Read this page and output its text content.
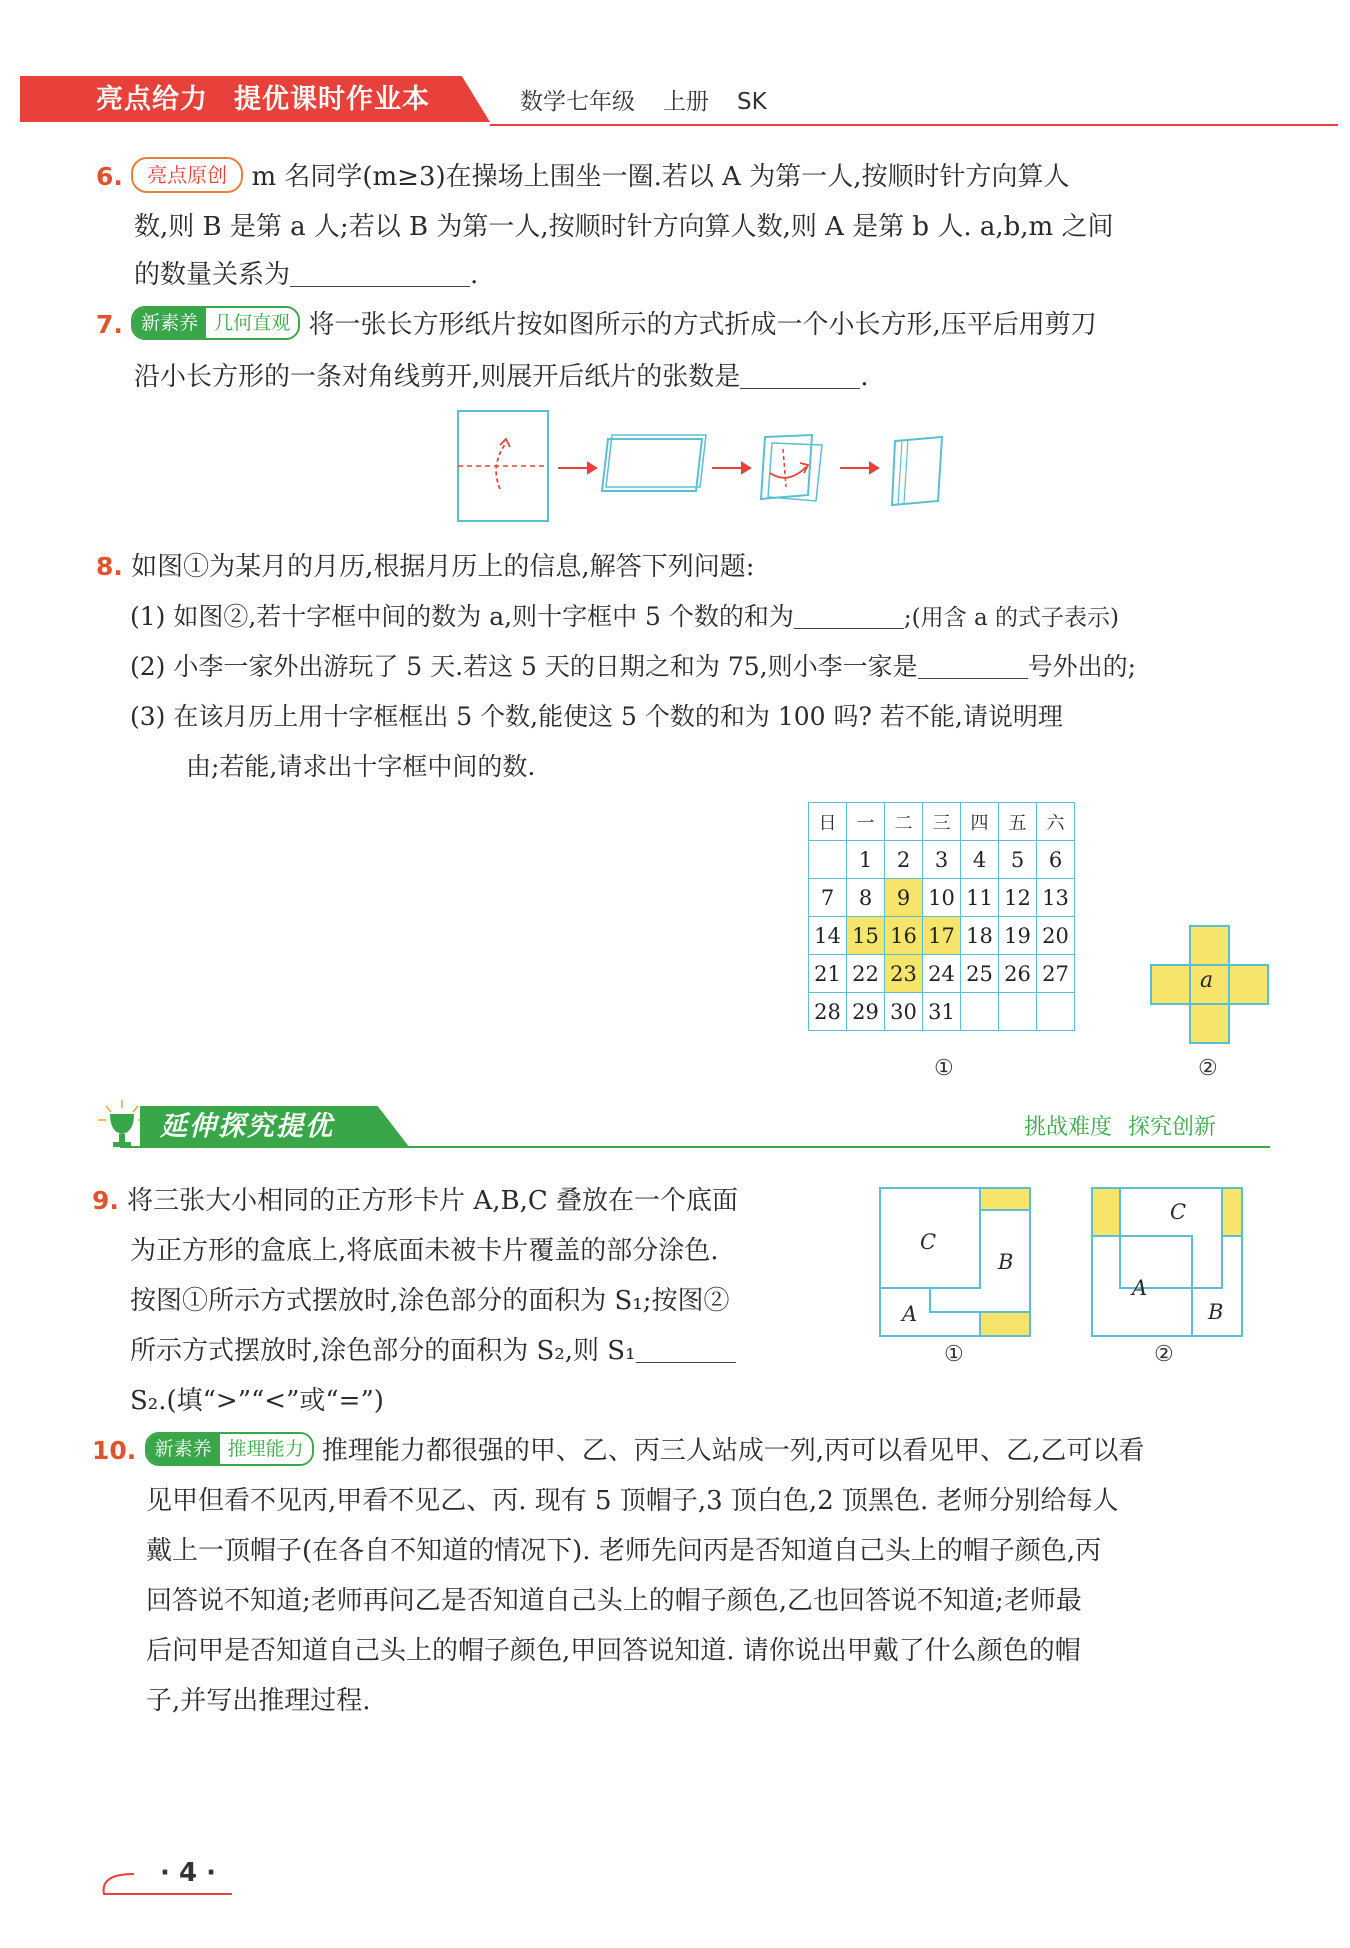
亮点给力 提优课时作业本	数学七年级 上册 SK
6. 亮点原创 m 名同学(m≥3)在操场上围坐一圈.若以 A 为第一人,按顺时针方向算人
数,则 B 是第 a 人;若以 B 为第一人,按顺时针方向算人数,则 A 是第 b 人. a,b,m 之间
的数量关系为	.
7. 新素养 几何直观 将一张长方形纸片按如图所示的方式折成一个小长方形,压平后用剪刀
沿小长方形的一条对角线剪开,则展开后纸片的张数是	.
8. 如图①为某月的月历,根据月历上的信息,解答下列问题:
(1) 如图②,若十字框中间的数为 a,则十字框中 5 个数的和为	;(用含 a 的式子表示)
(2) 小李一家外出游玩了 5 天.若这 5 天的日期之和为 75,则小李一家是	号外出的;
(3) 在该月历上用十字框框出 5 个数,能使这 5 个数的和为 100 吗? 若不能,请说明理
由;若能,请求出十字框中间的数.
日	一	二	三	四	五	六
	1	2	3	4	5	6
7	8	9	10	11	12	13
14	15	16	17	18	19	20
21	22	23	24	25	26	27
28	29	30	31			
①
a
②
延伸探究提优	挑战难度 探究创新
9. 将三张大小相同的正方形卡片 A,B,C 叠放在一个底面
为正方形的盒底上,将底面未被卡片覆盖的部分涂色.
按图①所示方式摆放时,涂色部分的面积为 S₁;按图②
所示方式摆放时,涂色部分的面积为 S₂,则 S₁
S₂.(填“>”“<”或“=”)
C
B
A
①
C
A
B
②
10. 新素养 推理能力 推理能力都很强的甲、乙、丙三人站成一列,丙可以看见甲、乙,乙可以看
见甲但看不见丙,甲看不见乙、丙. 现有 5 顶帽子,3 顶白色,2 顶黑色. 老师分别给每人
戴上一顶帽子(在各自不知道的情况下). 老师先问丙是否知道自己头上的帽子颜色,丙
回答说不知道;老师再问乙是否知道自己头上的帽子颜色,乙也回答说不知道;老师最
后问甲是否知道自己头上的帽子颜色,甲回答说知道. 请你说出甲戴了什么颜色的帽
子,并写出推理过程.
· 4 ·
